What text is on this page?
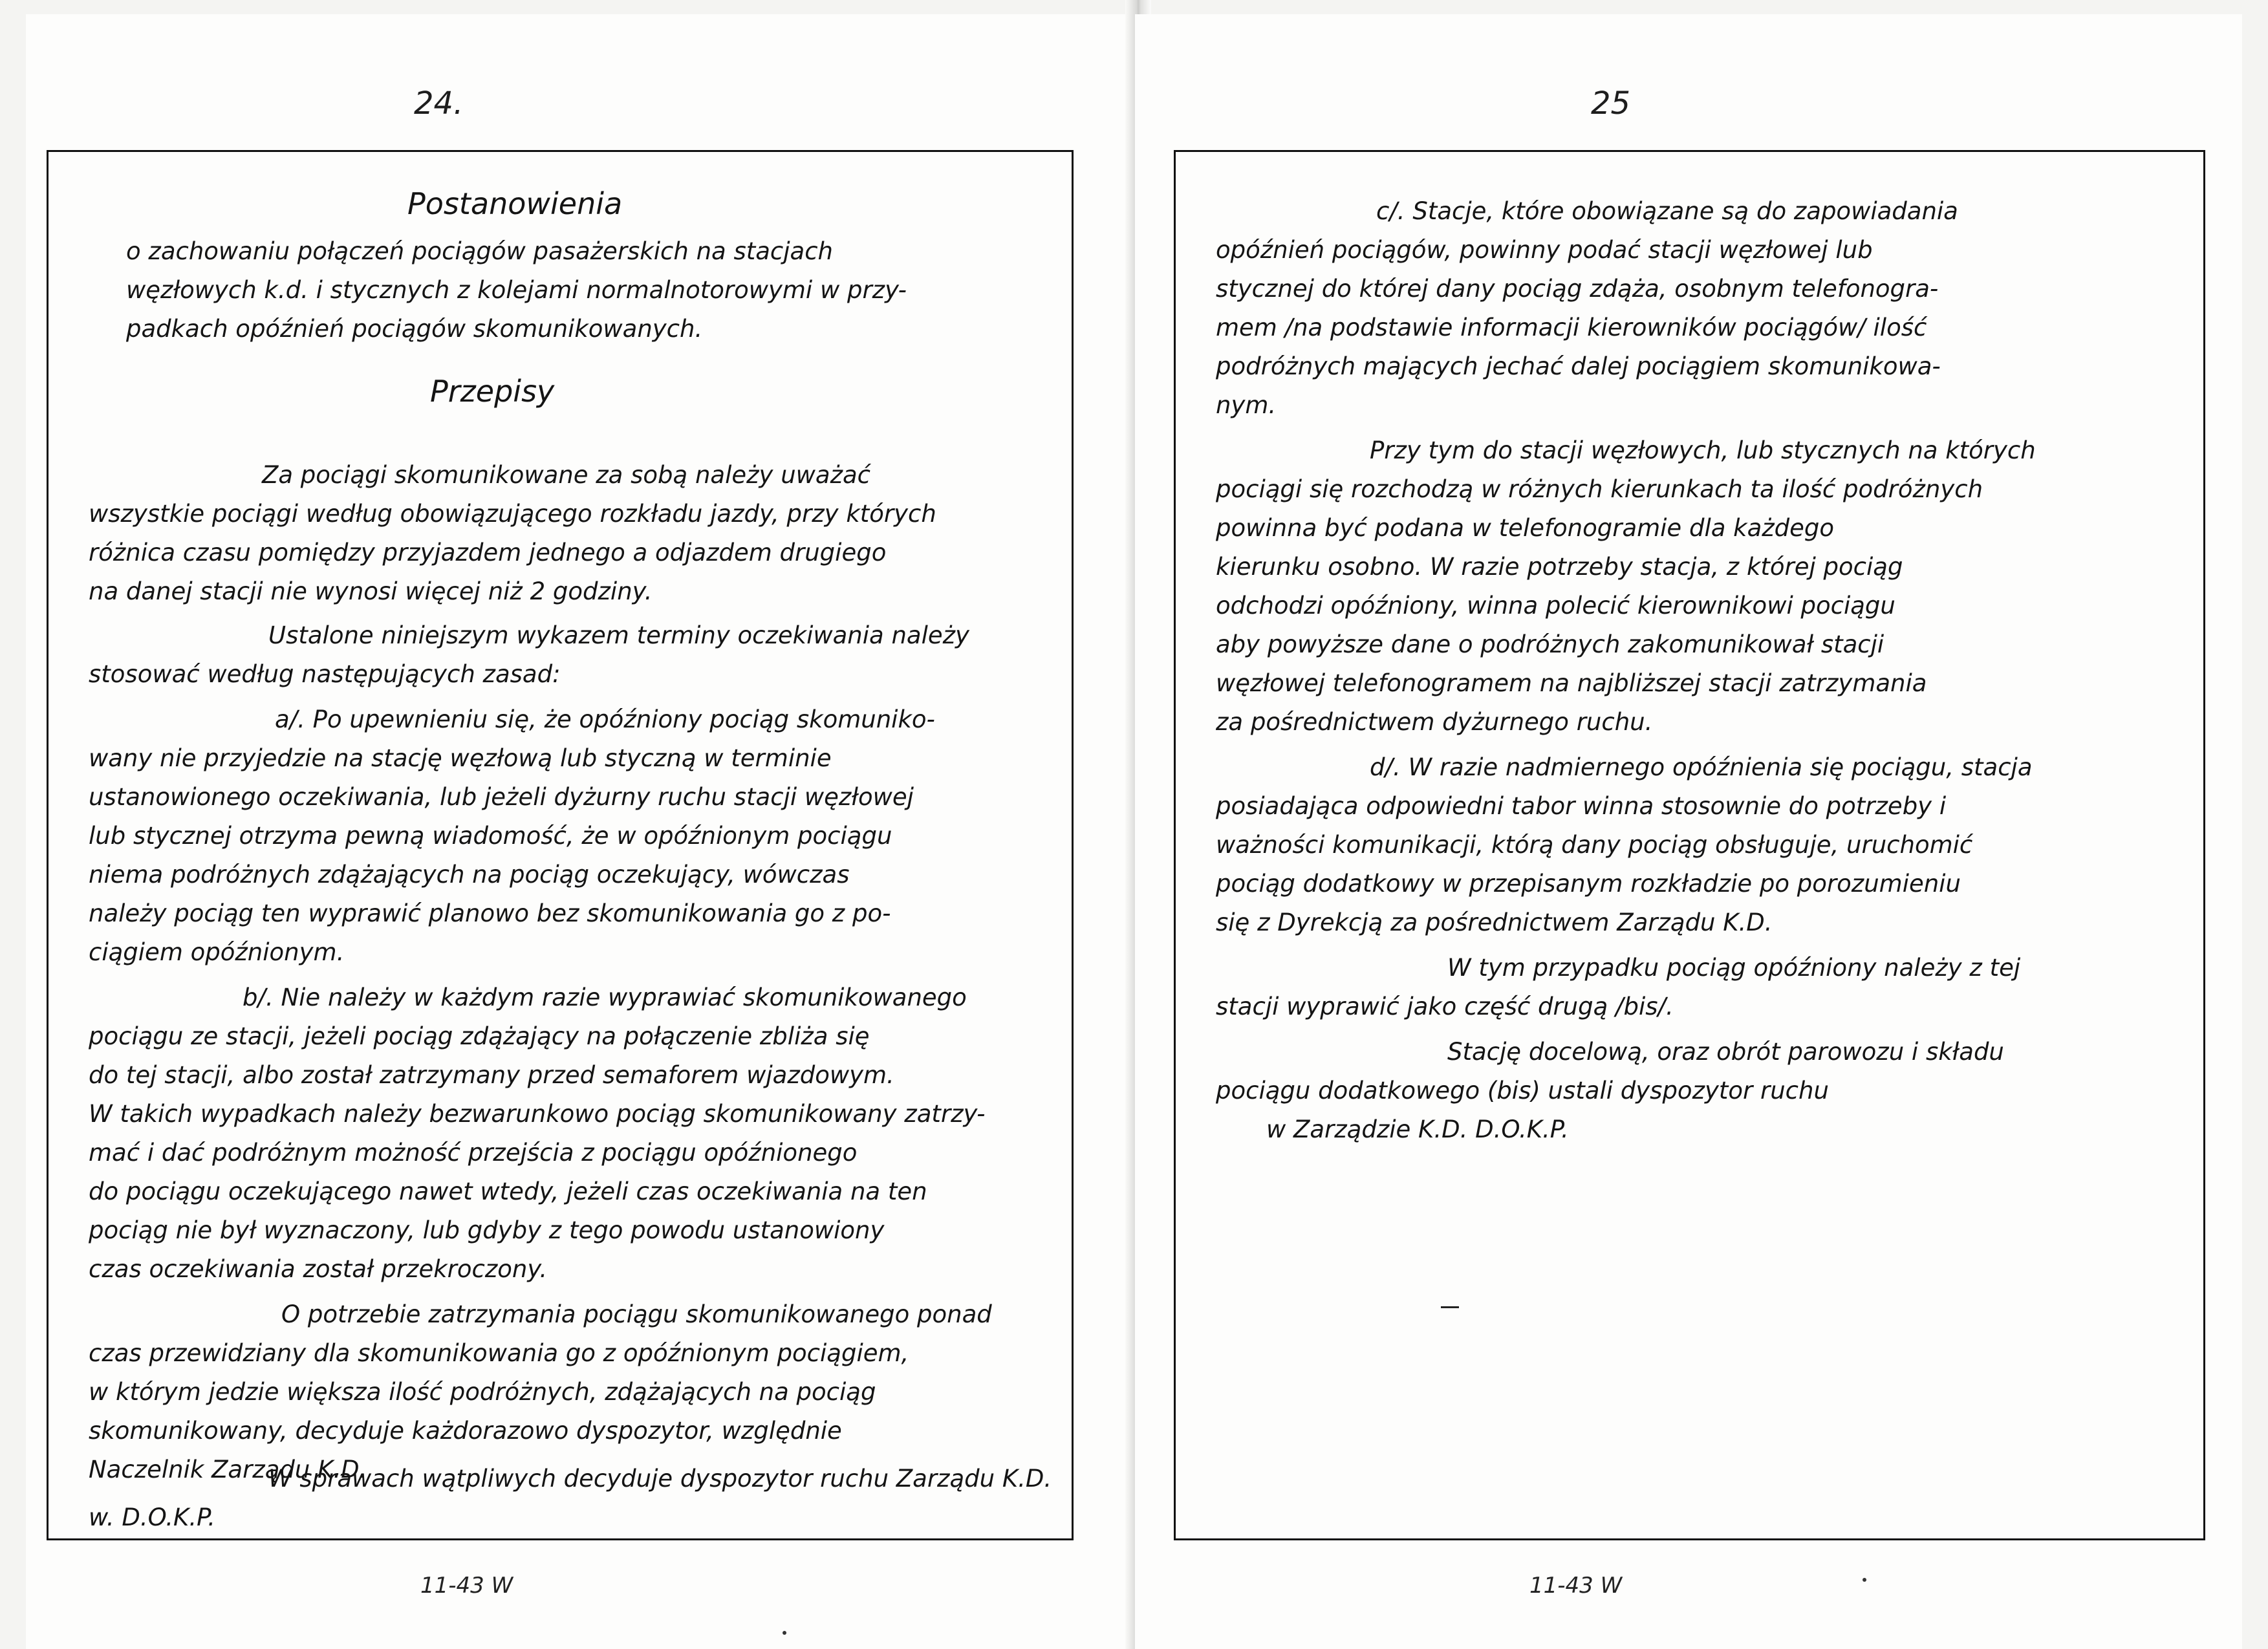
24.
Postanowienia
o zachowaniu połączeń pociągów pasażerskich na stacjach
węzłowych k.d. i stycznych z kolejami normalnotorowymi w przy-
padkach opóźnień pociągów skomunikowanych.
Przepisy
Za pociągi skomunikowane za sobą należy uważać
wszystkie pociągi według obowiązującego rozkładu jazdy, przy których
różnica czasu pomiędzy przyjazdem jednego a odjazdem drugiego
na danej stacji nie wynosi więcej niż 2 godziny.
Ustalone niniejszym wykazem terminy oczekiwania należy
stosować według następujących zasad:
a/. Po upewnieniu się, że opóźniony pociąg skomuniko-
wany nie przyjedzie na stację węzłową lub styczną w terminie
ustanowionego oczekiwania, lub jeżeli dyżurny ruchu stacji węzłowej
lub stycznej otrzyma pewną wiadomość, że w opóźnionym pociągu
niema podróżnych zdążających na pociąg oczekujący, wówczas
należy pociąg ten wyprawić planowo bez skomunikowania go z po-
ciągiem opóźnionym.
b/. Nie należy w każdym razie wyprawiać skomunikowanego
pociągu ze stacji, jeżeli pociąg zdążający na połączenie zbliża się
do tej stacji, albo został zatrzymany przed semaforem wjazdowym.
W takich wypadkach należy bezwarunkowo pociąg skomunikowany zatrzy-
mać i dać podróżnym możność przejścia z pociągu opóźnionego
do pociągu oczekującego nawet wtedy, jeżeli czas oczekiwania na ten
pociąg nie był wyznaczony, lub gdyby z tego powodu ustanowiony
czas oczekiwania został przekroczony.
O potrzebie zatrzymania pociągu skomunikowanego ponad
czas przewidziany dla skomunikowania go z opóźnionym pociągiem,
w którym jedzie większa ilość podróżnych, zdążających na pociąg
skomunikowany, decyduje każdorazowo dyspozytor, względnie
Naczelnik Zarządu K.D.
W sprawach wątpliwych decyduje dyspozytor ruchu Zarządu K.D.
w. D.O.K.P.
11-43 W
25
c/. Stacje, które obowiązane są do zapowiadania
opóźnień pociągów, powinny podać stacji węzłowej lub
stycznej do której dany pociąg zdąża, osobnym telefonogra-
mem /na podstawie informacji kierowników pociągów/ ilość
podróżnych mających jechać dalej pociągiem skomunikowa-
nym.
Przy tym do stacji węzłowych, lub stycznych na których
pociągi się rozchodzą w różnych kierunkach ta ilość podróżnych
powinna być podana w telefonogramie dla każdego
kierunku osobno. W razie potrzeby stacja, z której pociąg
odchodzi opóźniony, winna polecić kierownikowi pociągu
aby powyższe dane o podróżnych zakomunikował stacji
węzłowej telefonogramem na najbliższej stacji zatrzymania
za pośrednictwem dyżurnego ruchu.
d/. W razie nadmiernego opóźnienia się pociągu, stacja
posiadająca odpowiedni tabor winna stosownie do potrzeby i
ważności komunikacji, którą dany pociąg obsługuje, uruchomić
pociąg dodatkowy w przepisanym rozkładzie po porozumieniu
się z Dyrekcją za pośrednictwem Zarządu K.D.
W tym przypadku pociąg opóźniony należy z tej
stacji wyprawić jako część drugą /bis/.
Stację docelową, oraz obrót parowozu i składu
pociągu dodatkowego (bis) ustali dyspozytor ruchu
w Zarządzie K.D. D.O.K.P.
11-43 W
